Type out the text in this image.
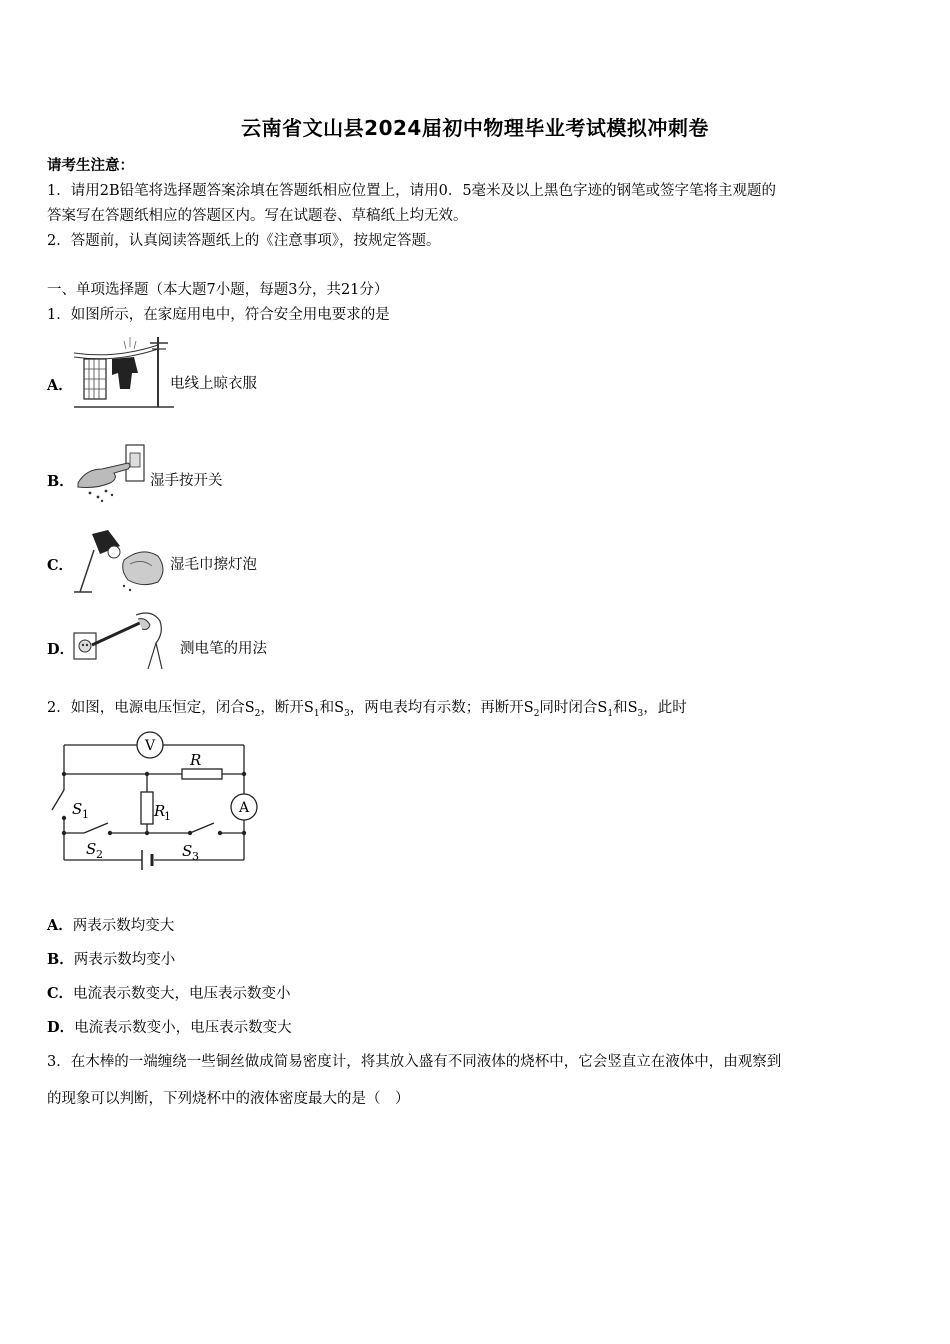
云南省文山县2024届初中物理毕业考试模拟冲刺卷
请考生注意：
1．请用2B铅笔将选择题答案涂填在答题纸相应位置上，请用0．5毫米及以上黑色字迹的钢笔或签字笔将主观题的
答案写在答题纸相应的答题区内。写在试题卷、草稿纸上均无效。
2．答题前，认真阅读答题纸上的《注意事项》，按规定答题。
一、单项选择题（本大题7小题，每题3分，共21分）
1．如图所示，在家庭用电中，符合安全用电要求的是
A．	电线上晾衣服
B．	湿手按开关
C．	湿毛巾擦灯泡
D．	测电笔的用法
2．如图，电源电压恒定，闭合$S_2$，断开$S_1$和$S_3$，两电表均有示数；再断开$S_2$同时闭合$S_1$和$S_3$，此时
V
A
R
R
1
S 1
S 2	S 3
A．两表示数均变大
B．两表示数均变小
C．电流表示数变大，电压表示数变小
D．电流表示数变小，电压表示数变大
3．在木棒的一端缠绕一些铜丝做成简易密度计，将其放入盛有不同液体的烧杯中，它会竖直立在液体中，由观察到
的现象可以判断，下列烧杯中的液体密度最大的是（　）
